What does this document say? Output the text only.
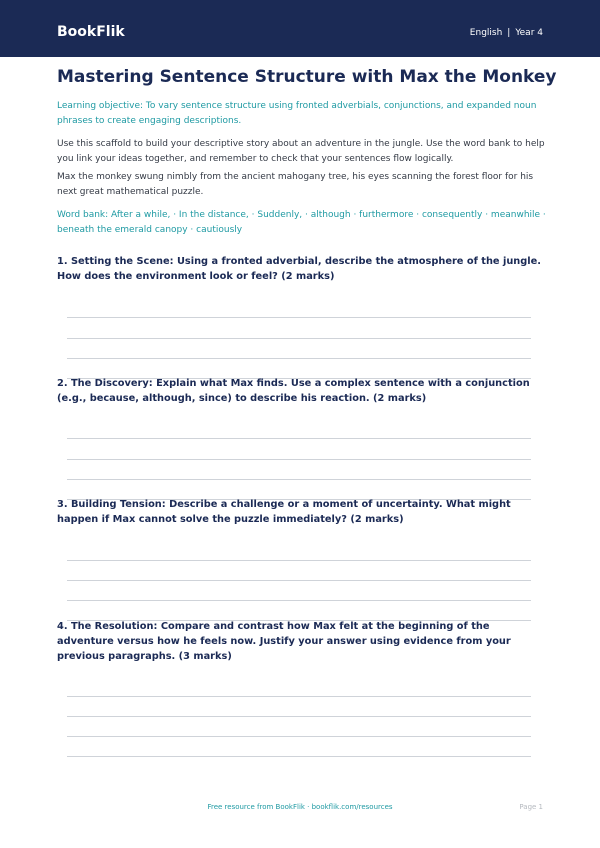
BookFlik	English | Year 4
Mastering Sentence Structure with Max the Monkey

Learning objective: To vary sentence structure using fronted adverbials, conjunctions, and expanded noun phrases to create engaging descriptions.

Use this scaffold to build your descriptive story about an adventure in the jungle. Use the word bank to help you link your ideas together, and remember to check that your sentences flow logically.

Max the monkey swung nimbly from the ancient mahogany tree, his eyes scanning the forest floor for his next great mathematical puzzle.

Word bank: After a while, · In the distance, · Suddenly, · although · furthermore · consequently · meanwhile · beneath the emerald canopy · cautiously

1. Setting the Scene: Using a fronted adverbial, describe the atmosphere of the jungle. How does the environment look or feel? (2 marks)

2. The Discovery: Explain what Max finds. Use a complex sentence with a conjunction (e.g., because, although, since) to describe his reaction. (2 marks)

3. Building Tension: Describe a challenge or a moment of uncertainty. What might happen if Max cannot solve the puzzle immediately? (2 marks)

4. The Resolution: Compare and contrast how Max felt at the beginning of the adventure versus how he feels now. Justify your answer using evidence from your previous paragraphs. (3 marks)

Free resource from BookFlik · bookflik.com/resources	Page 1
